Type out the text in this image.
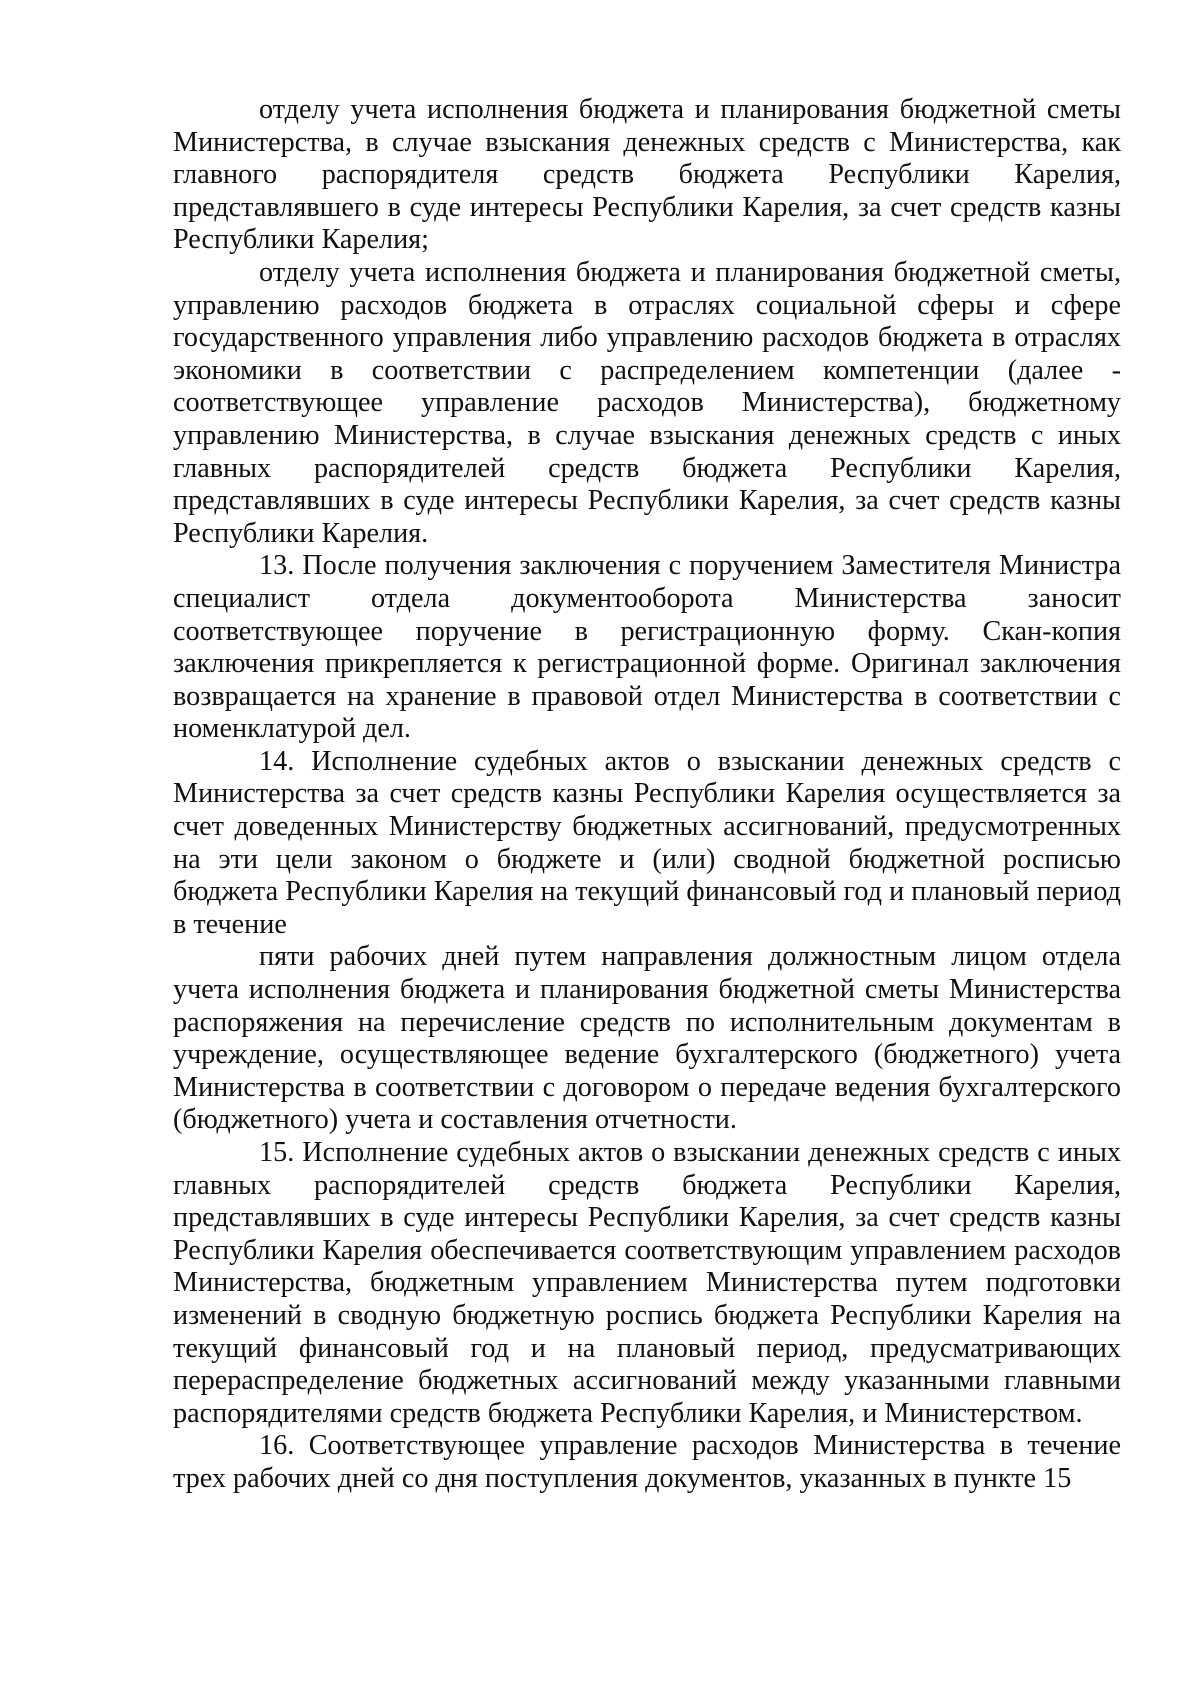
отделу учета исполнения бюджета и планирования бюджетной сметы Министерства, в случае взыскания денежных средств с Министерства, как главного распорядителя средств бюджета Республики Карелия, представлявшего в суде интересы Республики Карелия, за счет средств казны Республики Карелия;

отделу учета исполнения бюджета и планирования бюджетной сметы, управлению расходов бюджета в отраслях социальной сферы и сфере государственного управления либо управлению расходов бюджета в отраслях экономики в соответствии с распределением компетенции (далее - соответствующее управление расходов Министерства), бюджетному управлению Министерства, в случае взыскания денежных средств с иных главных распорядителей средств бюджета Республики Карелия, представлявших в суде интересы Республики Карелия, за счет средств казны Республики Карелия.

13. После получения заключения с поручением Заместителя Министра специалист отдела документооборота Министерства заносит соответствующее поручение в регистрационную форму. Скан-копия заключения прикрепляется к регистрационной форме. Оригинал заключения возвращается на хранение в правовой отдел Министерства в соответствии с номенклатурой дел.

14. Исполнение судебных актов о взыскании денежных средств с Министерства за счет средств казны Республики Карелия осуществляется за счет доведенных Министерству бюджетных ассигнований, предусмотренных на эти цели законом о бюджете и (или) сводной бюджетной росписью бюджета Республики Карелия на текущий финансовый год и плановый период в течение

пяти рабочих дней путем направления должностным лицом отдела учета исполнения бюджета и планирования бюджетной сметы Министерства распоряжения на перечисление средств по исполнительным документам в учреждение, осуществляющее ведение бухгалтерского (бюджетного) учета Министерства в соответствии с договором о передаче ведения бухгалтерского (бюджетного) учета и составления отчетности.

15. Исполнение судебных актов о взыскании денежных средств с иных главных распорядителей средств бюджета Республики Карелия, представлявших в суде интересы Республики Карелия, за счет средств казны Республики Карелия обеспечивается соответствующим управлением расходов Министерства, бюджетным управлением Министерства путем подготовки изменений в сводную бюджетную роспись бюджета Республики Карелия на текущий финансовый год и на плановый период, предусматривающих перераспределение бюджетных ассигнований между указанными главными распорядителями средств бюджета Республики Карелия, и Министерством.

16. Соответствующее управление расходов Министерства в течение трех рабочих дней со дня поступления документов, указанных в пункте 15
